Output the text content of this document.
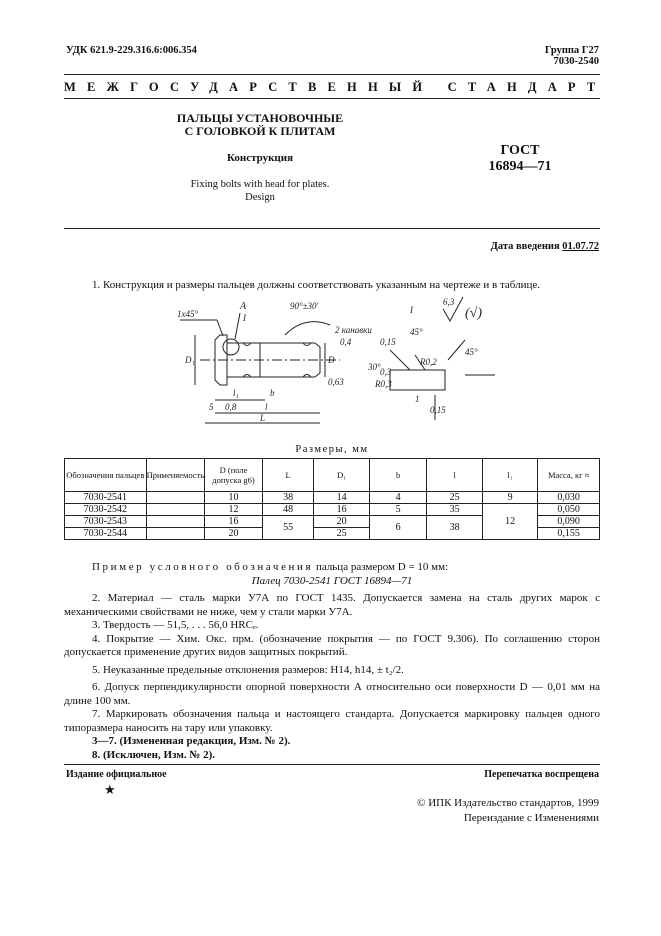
УДК 621.9-229.316.6:006.354	Группа Г27
7030-2540
МЕЖГОСУДАРСТВЕННЫЙ СТАНДАРТ
ПАЛЬЦЫ УСТАНОВОЧНЫЕ
С ГОЛОВКОЙ К ПЛИТАМ
Конструкция
Fixing bolts with head for plates.
Design
ГОСТ
16894—71
Дата введения 01.07.72

1. Конструкция и размеры пальцев должны соответствовать указанным на чертеже и в таблице.

1х45°
А
I
90°±30'
2 канавки
0,4
D₁	D
l₁	b
5 0,8	l
L
0,63
30°
I
0,15
45°
45°
R0,2
0,3
R0,3
1
0,15
6,3
(√)
Размеры, мм
Обозначения пальцев	Применяемость	D (поле допуска g6)	L	D₁	b	l	l₁	Масса, кг ≈
7030-2541		10	38	14	4	25	9	0,030
7030-2542		12	48	16	5	35	12	0,050
7030-2543		16	55	20	6	38		0,090
7030-2544		20		25				0,155
Пример условного обозначения пальца размером D = 10 мм:
Палец 7030-2541 ГОСТ 16894—71

2. Материал — сталь марки У7А по ГОСТ 1435. Допускается замена на сталь других марок с механическими свойствами не ниже, чем у стали марки У7А.

3. Твердость — 51,5, . . . 56,0 HRCₑ.

4. Покрытие — Хим. Окс. прм. (обозначение покрытия — по ГОСТ 9.306). По соглашению сторон допускается применение других видов защитных покрытий.

5. Неуказанные предельные отклонения размеров: H14, h14, ± t₂/2.

6. Допуск перпендикулярности опорной поверхности А относительно оси поверхности D — 0,01 мм на длине 100 мм.

7. Маркировать обозначения пальца и настоящего стандарта. Допускается маркировку пальцев одного типоразмера наносить на тару или упаковку.

3—7. (Измененная редакция, Изм. № 2).

8. (Исключен, Изм. № 2).

Издание официальное
★
Перепечатка воспрещена
© ИПК Издательство стандартов, 1999
Переиздание с Изменениями
